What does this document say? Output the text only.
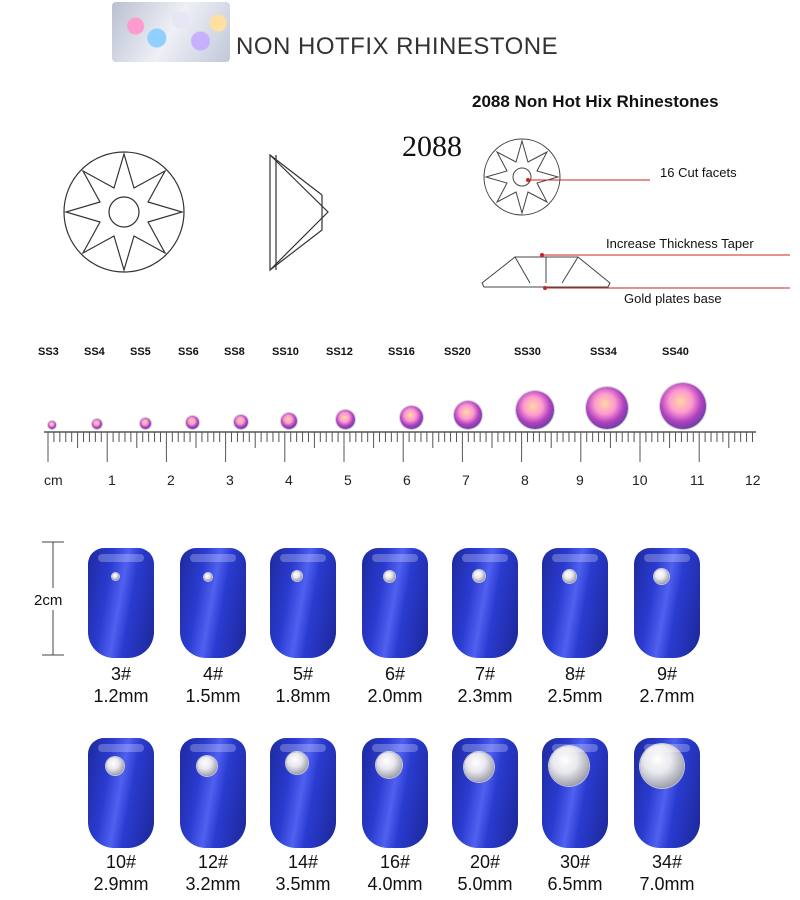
NON HOTFIX RHINESTONE
2088 Non Hot Hix Rhinestones
2088
16 Cut facets
Increase Thickness Taper
Gold plates base
SS3 SS4 SS5 SS6 SS8 SS10 SS12	SS16	SS20	SS30	SS34	SS40
cm	1	2	3	4	5	6	7	8	9	10	11	12
2cm
3#
1.2mm
4#
1.5mm
5#
1.8mm
6#
2.0mm
7#
2.3mm
8#
2.5mm
9#
2.7mm
10#
2.9mm
12#
3.2mm
14#
3.5mm
16#
4.0mm
20#
5.0mm
30#
6.5mm
34#
7.0mm
